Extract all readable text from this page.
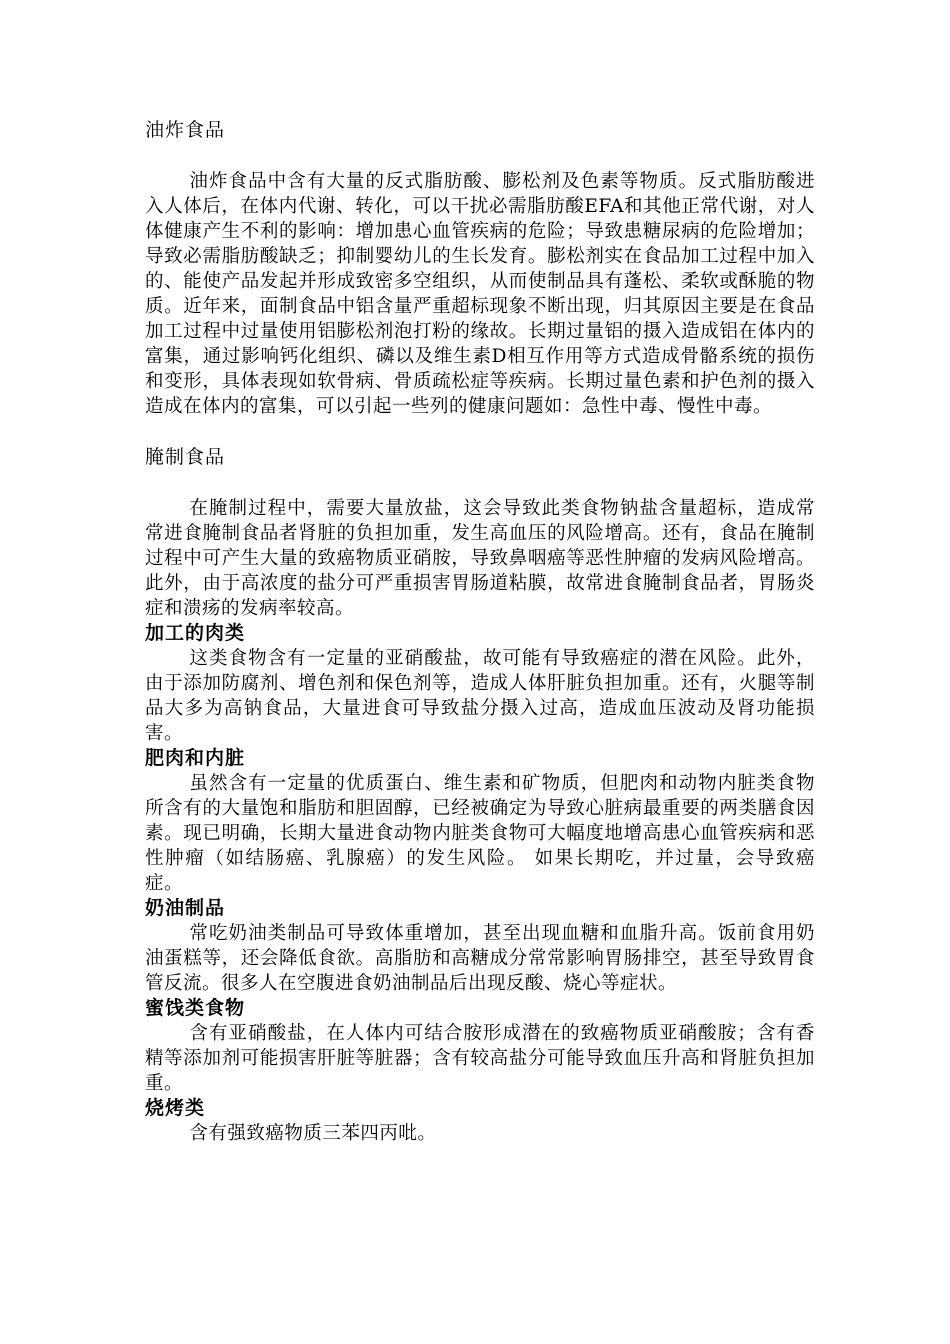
油炸食品

油炸食品中含有大量的反式脂肪酸、膨松剂及色素等物质。反式脂肪酸进入人体后，在体内代谢、转化，可以干扰必需脂肪酸EFA和其他正常代谢，对人体健康产生不利的影响：增加患心血管疾病的危险；导致患糖尿病的危险增加；导致必需脂肪酸缺乏；抑制婴幼儿的生长发育。膨松剂实在食品加工过程中加入的、能使产品发起并形成致密多空组织，从而使制品具有蓬松、柔软或酥脆的物质。近年来，面制食品中铝含量严重超标现象不断出现，归其原因主要是在食品加工过程中过量使用铝膨松剂泡打粉的缘故。长期过量铝的摄入造成铝在体内的富集，通过影响钙化组织、磷以及维生素D相互作用等方式造成骨骼系统的损伤和变形，具体表现如软骨病、骨质疏松症等疾病。长期过量色素和护色剂的摄入造成在体内的富集，可以引起一些列的健康问题如：急性中毒、慢性中毒。

腌制食品

在腌制过程中，需要大量放盐，这会导致此类食物钠盐含量超标，造成常常进食腌制食品者肾脏的负担加重，发生高血压的风险增高。还有，食品在腌制过程中可产生大量的致癌物质亚硝胺，导致鼻咽癌等恶性肿瘤的发病风险增高。此外，由于高浓度的盐分可严重损害胃肠道粘膜，故常进食腌制食品者，胃肠炎症和溃疡的发病率较高。

加工的肉类

这类食物含有一定量的亚硝酸盐，故可能有导致癌症的潜在风险。此外，由于添加防腐剂、增色剂和保色剂等，造成人体肝脏负担加重。还有，火腿等制品大多为高钠食品，大量进食可导致盐分摄入过高，造成血压波动及肾功能损害。

肥肉和内脏

虽然含有一定量的优质蛋白、维生素和矿物质，但肥肉和动物内脏类食物所含有的大量饱和脂肪和胆固醇，已经被确定为导致心脏病最重要的两类膳食因素。现已明确，长期大量进食动物内脏类食物可大幅度地增高患心血管疾病和恶性肿瘤（如结肠癌、乳腺癌）的发生风险。 如果长期吃，并过量，会导致癌症。

奶油制品

常吃奶油类制品可导致体重增加，甚至出现血糖和血脂升高。饭前食用奶油蛋糕等，还会降低食欲。高脂肪和高糖成分常常影响胃肠排空，甚至导致胃食管反流。很多人在空腹进食奶油制品后出现反酸、烧心等症状。

蜜饯类食物

含有亚硝酸盐，在人体内可结合胺形成潜在的致癌物质亚硝酸胺；含有香精等添加剂可能损害肝脏等脏器；含有较高盐分可能导致血压升高和肾脏负担加重。

烧烤类

含有强致癌物质三苯四丙吡。
